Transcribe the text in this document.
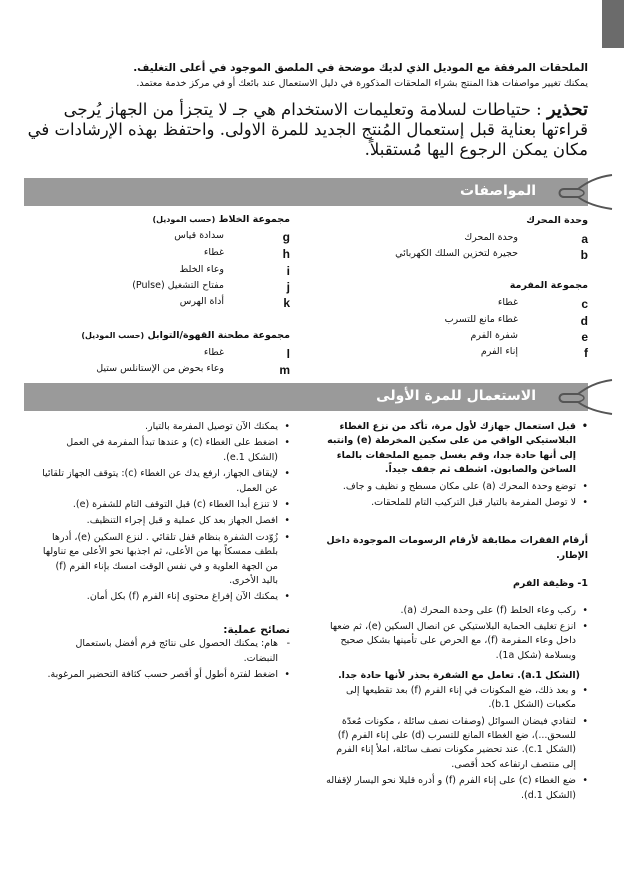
الملحقات المرفقة مع الموديل الذي لديك موضحة في الملصق الموجود في أعلى التغليف.
يمكنك تغيير مواصفات هذا المنتج بشراء الملحقات المذكورة في دليل الاستعمال عند بائعك أو في مركز خدمة معتمد.
تحذير : حتياطات لسلامة وتعليمات الاستخدام هي جـ لا يتجزأ من الجهاز يُرجى قراءتها بعناية قبل إستعمال المُنتج الجديد للمرة الاولى. واحتفظ بهذه الإرشادات في مكان يمكن الرجوع اليها مُستقبلاً.
المواصفات
وحدة المحرك
a
وحدة المحرك
b
حجيرة لتخزين السلك الكهربائي
مجموعة المفرمة
c
غطاء
d
غطاء مانع للتسرب
e
شفرة الفرم
f
إناء الفرم
مجموعة الخلاط (حسب الموديل)
g
سدادة قياس
h
غطاء
i
وعاء الخلط
j
مفتاح التشغيل (Pulse)
k
أداة الهرس
مجموعة مطحنة القهوة/التوابل (حسب الموديل)
l
غطاء
m
وعاء بحوض من الإستانلس ستيل
الاستعمال للمرة الأولى
• قبل استعمال جهازك لأول مرة، تأكد من نزع الغطاء البلاستيكي الواقي من على سكين المخرطة (e) وانتبه إلى أنها حادة جدا، وقم بغسل جميع الملحقات بالماء الساخن والصابون. اشطف ثم جفف جيداً.
• توضع وحدة المحرك (a) على مكان مسطح و نظيف و جاف.
• لا توصل المفرمة بالتيار قبل التركيب التام للملحقات.

أرقام الفقرات مطابقة لأرقام الرسومات الموجودة داخل الإطار.

1- وظيفة الفرم

• ركب وعاء الخلط (f) على وحدة المحرك (a).
• انزع تغليف الحماية البلاستيكي عن انصال السكين (e)، ثم ضعها داخل وعاء المفرمة (f)، مع الحرص على تأمينها بشكل صحيح وبسلامة (شكل 1a).

(الشكل 1.a). تعامل مع الشفرة بحذر لأنها حادة جدا.

• و بعد ذلك، ضع المكونات في إناء الفرم (f) بعد تقطيعها إلى مكعبات (الشكل 1.b).
• لتفادي فيضان السوائل (وصفات نصف سائلة ، مكونات مُعدّة للسحق...)، ضع الغطاء المانع للتسرب (d) على إناء الفرم (f) (الشكل 1.c). عند تحضير مكونات نصف سائلة، املأ إناء الفرم إلى منتصف ارتفاعه كحد أقصى.
• ضع الغطاء (c) على إناء الفرم (f) و أدره قليلا نحو اليسار لإقفاله (الشكل 1.d).
• يمكنك الآن توصيل المفرمة بالتيار.
• اضغط على الغطاء (c) و عندها تبدأ المفرمة في العمل (الشكل 1.e).
• لإيقاف الجهاز، ارفع يدك عن الغطاء (c): يتوقف الجهاز تلقائيا عن العمل.
• لا تنزع أبدا الغطاء (c) قبل التوقف التام للشفرة (e).
• افصل الجهاز بعد كل عملية و قبل إجراء التنظيف.
• زُوّدت الشفرة بنظام قفل تلقائي . لنزع السكين (e)، أدرها بلطف ممسكاً بها من الأعلى، ثم اجذبها نحو الأعلى مع تناولها من الجهة العلوية و في نفس الوقت امسك بإناء الفرم (f) باليد الأخرى.
• يمكنك الآن إفراغ محتوى إناء الفرم (f) بكل أمان.

نصائح عملية:

- هام: يمكنك الحصول على نتائج فرم أفضل باستعمال النبضات.
• اضغط لفترة أطول أو أقصر حسب كثافة التحضير المرغوبة.
